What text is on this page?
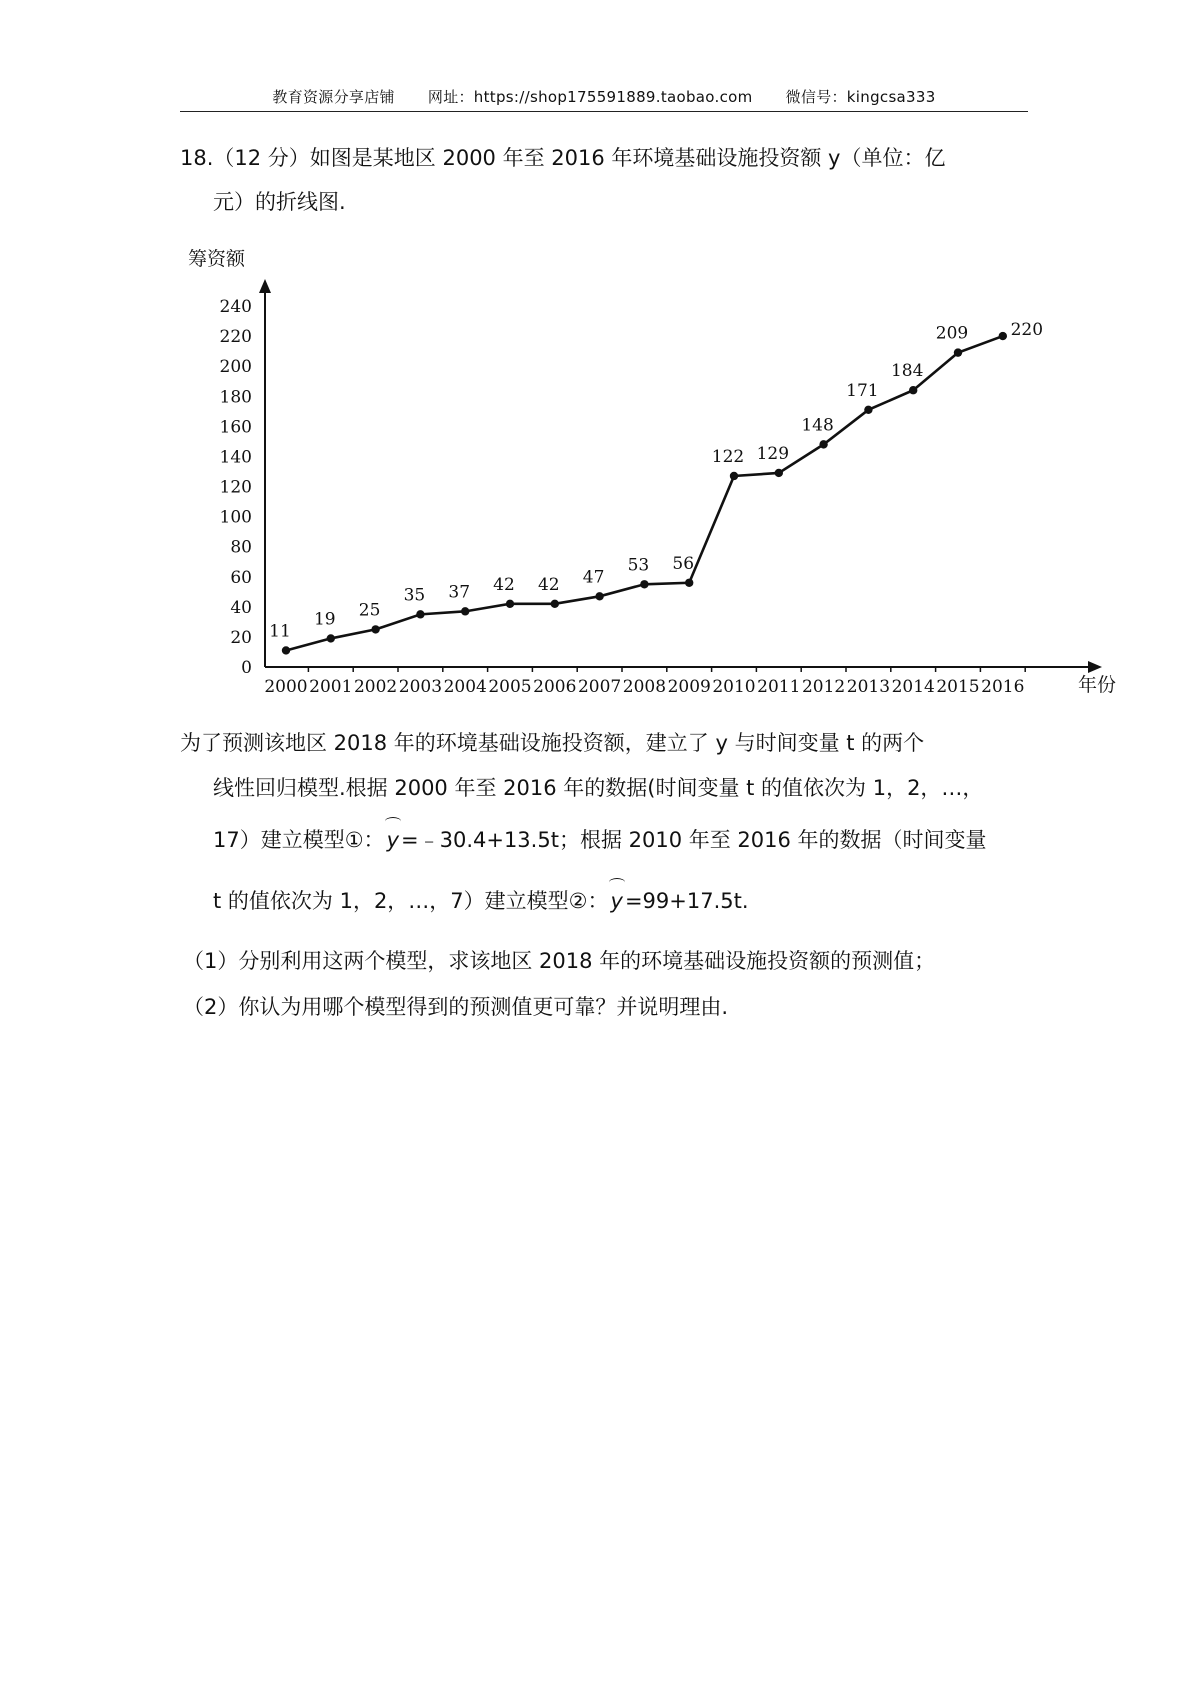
教育资源分享店铺 网址：https://shop175591889.taobao.com 微信号：kingcsa333
18.（12 分）如图是某地区 2000 年至 2016 年环境基础设施投资额 y（单位：亿
元）的折线图.
0
20
40
60
80
100
120
140
160
180
200
220
240
2000 2001 2002 2003 2004 2005 2006 2007 2008 2009 2010 2011 2012 2013 2014 2015 2016
11
19 25
35 37 42 42 47
53 56
122 129
148
171
184
209 220
筹资额
年份
为了预测该地区 2018 年的环境基础设施投资额，建立了 y 与时间变量 t 的两个
线性回归模型.根据 2000 年至 2016 年的数据(时间变量 t 的值依次为 1，2，…，
17）建立模型①：y=﹣30.4+13.5t；根据 2010 年至 2016 年的数据（时间变量
t 的值依次为 1，2，…，7）建立模型②：y=99+17.5t.
（1）分别利用这两个模型，求该地区 2018 年的环境基础设施投资额的预测值；
（2）你认为用哪个模型得到的预测值更可靠？并说明理由.
